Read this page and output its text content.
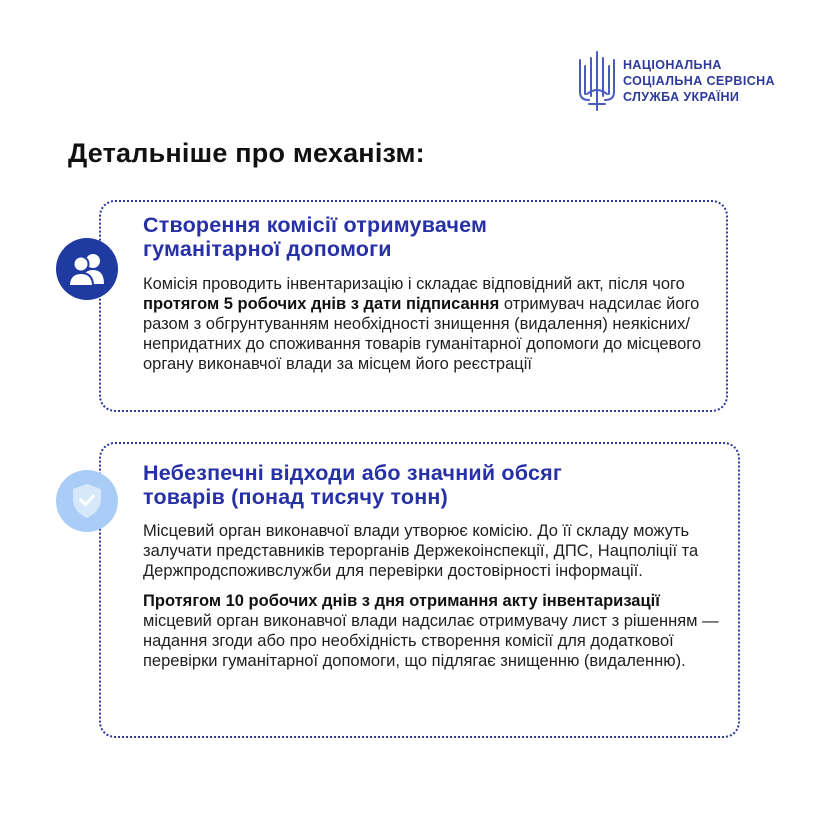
НАЦІОНАЛЬНА
СОЦІАЛЬНА СЕРВІСНА
СЛУЖБА УКРАЇНИ
Детальніше про механізм:
Створення комісії отримувачем гуманітарної допомоги

Комісія проводить інвентаризацію і складає відповідний акт, після чого протягом 5 робочих днів з дати підписання отримувач надсилає його разом з обгрунтуванням необхідності знищення (видалення) неякісних/непридатних до споживання товарів гуманітарної допомоги до місцевого органу виконавчої влади за місцем його реєстрації

Небезпечні відходи або значний обсяг товарів (понад тисячу тонн)
Місцевий орган виконавчої влади утворює комісію. До її складу можуть залучати представників терорганів Держекоінспекції, ДПС, Нацполіції та Держпродспоживслужби для перевірки достовірності інформації.
Протягом 10 робочих днів з дня отримання акту інвентаризації місцевий орган виконавчої влади надсилає отримувачу лист з рішенням — надання згоди або про необхідність створення комісії для додаткової перевірки гуманітарної допомоги, що підлягає знищенню (видаленню).
